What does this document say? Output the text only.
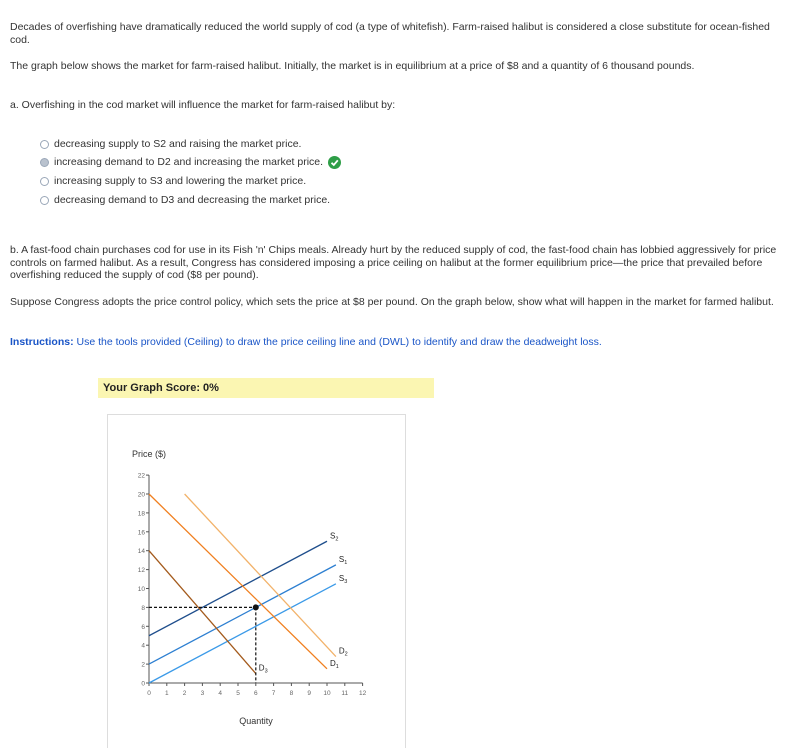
Decades of overfishing have dramatically reduced the world supply of cod (a type of whitefish). Farm-raised halibut is considered a close substitute for ocean-fished cod.

The graph below shows the market for farm-raised halibut. Initially, the market is in equilibrium at a price of $8 and a quantity of 6 thousand pounds.

a. Overfishing in the cod market will influence the market for farm-raised halibut by:

decreasing supply to S2 and raising the market price.
increasing demand to D2 and increasing the market price.
increasing supply to S3 and lowering the market price.
decreasing demand to D3 and decreasing the market price.

b. A fast-food chain purchases cod for use in its Fish 'n' Chips meals. Already hurt by the reduced supply of cod, the fast-food chain has lobbied aggressively for price controls on farmed halibut. As a result, Congress has considered imposing a price ceiling on halibut at the former equilibrium price—the price that prevailed before overfishing reduced the supply of cod ($8 per pound).

Suppose Congress adopts the price control policy, which sets the price at $8 per pound. On the graph below, show what will happen in the market for farmed halibut.

Instructions: Use the tools provided (Ceiling) to draw the price ceiling line and (DWL) to identify and draw the deadweight loss.

Your Graph Score: 0%
Price ($)
Quantity
0
2
4
6
8
10
12
14
16
18
20
22
0 1 2 3 4 5 6 7 8 9 10 11 12
$S_2$
$S_1$
$S_3$
$D_2$
$D_1$
$D_3$
